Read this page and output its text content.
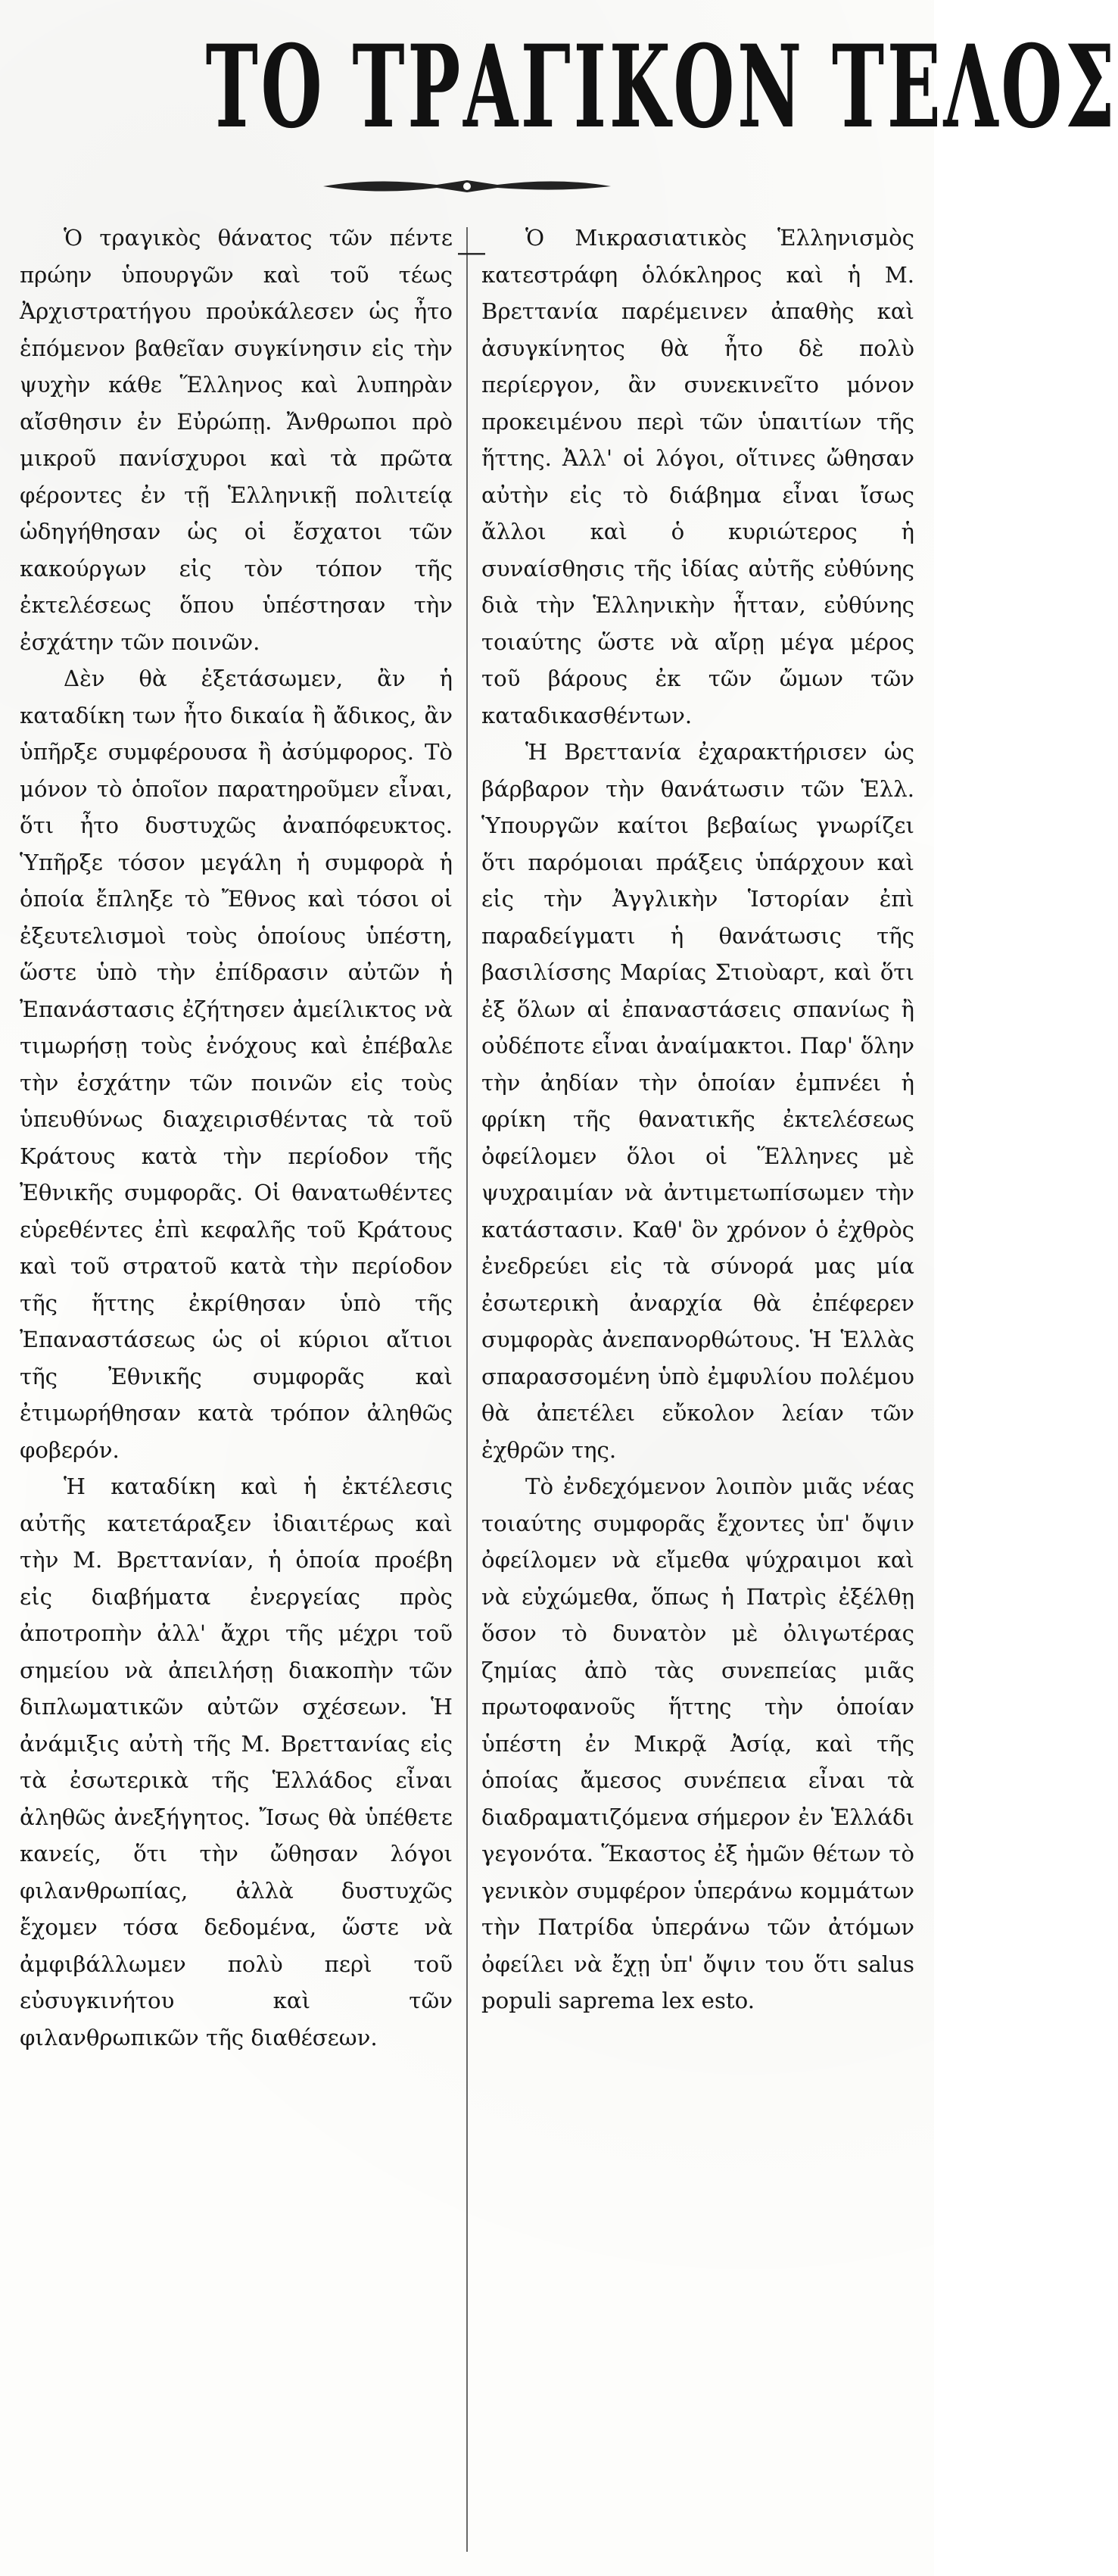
ΤΟ ΤΡΑΓΙΚΟΝ ΤΕΛΟΣ

Ὁ τραγικὸς θάνατος τῶν πέντε πρώην ὑπουργῶν καὶ τοῦ τέως Ἀρχιστρατήγου προὐκάλεσεν ὡς ἦτο ἑπόμενον βαθεῖαν συγκίνησιν εἰς τὴν ψυχὴν κάθε Ἕλληνος καὶ λυπηρὰν αἴσθησιν ἐν Εὐρώπῃ. Ἄνθρωποι πρὸ μικροῦ πανίσχυροι καὶ τὰ πρῶτα φέροντες ἐν τῇ Ἑλληνικῇ πολιτείᾳ ὡδηγήθησαν ὡς οἱ ἔσχατοι τῶν κακούργων εἰς τὸν τόπον τῆς ἐκτελέσεως ὅπου ὑπέστησαν τὴν ἐσχάτην τῶν ποινῶν.

Δὲν θὰ ἐξετάσωμεν, ἂν ἡ καταδίκη των ἦτο δικαία ἢ ἄδικος, ἂν ὑπῆρξε συμφέρουσα ἢ ἀσύμφορος. Τὸ μόνον τὸ ὁποῖον παρατηροῦμεν εἶναι, ὅτι ἦτο δυστυχῶς ἀναπόφευκτος. Ὑπῆρξε τόσον μεγάλη ἡ συμφορὰ ἡ ὁποία ἔπληξε τὸ Ἔθνος καὶ τόσοι οἱ ἐξευτελισμοὶ τοὺς ὁποίους ὑπέστη, ὥστε ὑπὸ τὴν ἐπίδρασιν αὐτῶν ἡ Ἐπανάστασις ἐζήτησεν ἀμείλικτος νὰ τιμωρήσῃ τοὺς ἐνόχους καὶ ἐπέβαλε τὴν ἐσχάτην τῶν ποινῶν εἰς τοὺς ὑπευθύνως διαχειρισθέντας τὰ τοῦ Κράτους κατὰ τὴν περίοδον τῆς Ἐθνικῆς συμφορᾶς. Οἱ θανατωθέντες εὑρεθέντες ἐπὶ κεφαλῆς τοῦ Κράτους καὶ τοῦ στρατοῦ κατὰ τὴν περίοδον τῆς ἥττης ἐκρίθησαν ὑπὸ τῆς Ἐπαναστάσεως ὡς οἱ κύριοι αἴτιοι τῆς Ἐθνικῆς συμφορᾶς καὶ ἐτιμωρήθησαν κατὰ τρόπον ἀληθῶς φοβερόν.

Ἡ καταδίκη καὶ ἡ ἐκτέλεσις αὐτῆς κατετάραξεν ἰδιαιτέρως καὶ τὴν Μ. Βρεττανίαν, ἡ ὁποία προέβη εἰς διαβήματα ἐνεργείας πρὸς ἀποτροπὴν ἀλλ' ἄχρι τῆς μέχρι τοῦ σημείου νὰ ἀπειλήσῃ διακοπὴν τῶν διπλωματικῶν αὐτῶν σχέσεων. Ἡ ἀνάμιξις αὐτὴ τῆς Μ. Βρεττανίας εἰς τὰ ἐσωτερικὰ τῆς Ἑλλάδος εἶναι ἀληθῶς ἀνεξήγητος. Ἴσως θὰ ὑπέθετε κανείς, ὅτι τὴν ὤθησαν λόγοι φιλανθρωπίας, ἀλλὰ δυστυχῶς ἔχομεν τόσα δεδομένα, ὥστε νὰ ἀμφιβάλλωμεν πολὺ περὶ τοῦ εὐσυγκινήτου καὶ τῶν φιλανθρωπικῶν τῆς διαθέσεων.

―	Ὁ Μικρασιατικὸς Ἑλληνισμὸς κατεστράφη ὁλόκληρος καὶ ἡ Μ. Βρεττανία παρέμεινεν ἀπαθὴς καὶ ἀσυγκίνητος θὰ ἦτο δὲ πολὺ περίεργον, ἂν συνεκινεῖτο μόνον προκειμένου περὶ τῶν ὑπαιτίων τῆς ἥττης. Ἀλλ' οἱ λόγοι, οἵτινες ὤθησαν αὐτὴν εἰς τὸ διάβημα εἶναι ἴσως ἄλλοι καὶ ὁ κυριώτερος ἡ συναίσθησις τῆς ἰδίας αὐτῆς εὐθύνης διὰ τὴν Ἑλληνικὴν ἧτταν, εὐθύνης τοιαύτης ὥστε νὰ αἴρῃ μέγα μέρος τοῦ βάρους ἐκ τῶν ὤμων τῶν καταδικασθέντων.

Ἡ Βρεττανία ἐχαρακτήρισεν ὡς βάρβαρον τὴν θανάτωσιν τῶν Ἑλλ. Ὑπουργῶν καίτοι βεβαίως γνωρίζει ὅτι παρόμοιαι πράξεις ὑπάρχουν καὶ εἰς τὴν Ἀγγλικὴν Ἱστορίαν ἐπὶ παραδείγματι ἡ θανάτωσις τῆς βασιλίσσης Μαρίας Στιοὺαρτ, καὶ ὅτι ἐξ ὅλων αἱ ἐπαναστάσεις σπανίως ἢ οὐδέποτε εἶναι ἀναίμακτοι. Παρ' ὅλην τὴν ἀηδίαν τὴν ὁποίαν ἐμπνέει ἡ φρίκη τῆς θανατικῆς ἐκτελέσεως ὀφείλομεν ὅλοι οἱ Ἕλληνες μὲ ψυχραιμίαν νὰ ἀντιμετωπίσωμεν τὴν κατάστασιν. Καθ' ὃν χρόνον ὁ ἐχθρὸς ἐνεδρεύει εἰς τὰ σύνορά μας μία ἐσωτερικὴ ἀναρχία θὰ ἐπέφερεν συμφορὰς ἀνεπανορθώτους. Ἡ Ἑλλὰς σπαρασσομένη ὑπὸ ἐμφυλίου πολέμου θὰ ἀπετέλει εὔκολον λείαν τῶν ἐχθρῶν της.

Τὸ ἐνδεχόμενον λοιπὸν μιᾶς νέας τοιαύτης συμφορᾶς ἔχοντες ὑπ' ὄψιν ὀφείλομεν νὰ εἴμεθα ψύχραιμοι καὶ νὰ εὐχώμεθα, ὅπως ἡ Πατρὶς ἐξέλθῃ ὅσον τὸ δυνατὸν μὲ ὀλιγωτέρας ζημίας ἀπὸ τὰς συνεπείας μιᾶς πρωτοφανοῦς ἥττης τὴν ὁποίαν ὑπέστη ἐν Μικρᾷ Ἀσίᾳ, καὶ τῆς ὁποίας ἄμεσος συνέπεια εἶναι τὰ διαδραματιζόμενα σήμερον ἐν Ἑλλάδι γεγονότα. Ἕκαστος ἐξ ἡμῶν θέτων τὸ γενικὸν συμφέρον ὑπεράνω κομμάτων τὴν Πατρίδα ὑπεράνω τῶν ἀτόμων ὀφείλει νὰ ἔχῃ ὑπ' ὄψιν του ὅτι salus populi saprema lex esto.
